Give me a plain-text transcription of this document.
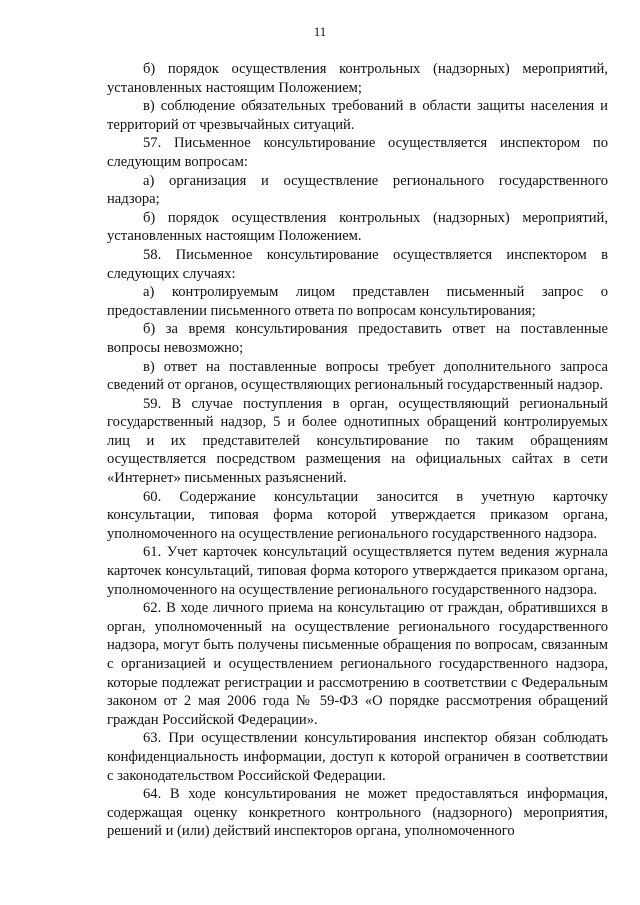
11

б) порядок осуществления контрольных (надзорных) мероприятий, установленных настоящим Положением;

в) соблюдение обязательных требований в области защиты населения и территорий от чрезвычайных ситуаций.

57. Письменное консультирование осуществляется инспектором по следующим вопросам:

а) организация и осуществление регионального государственного надзора;

б) порядок осуществления контрольных (надзорных) мероприятий, установленных настоящим Положением.

58. Письменное консультирование осуществляется инспектором в следующих случаях:

а) контролируемым лицом представлен письменный запрос о предоставлении письменного ответа по вопросам консультирования;

б) за время консультирования предоставить ответ на поставленные вопросы невозможно;

в) ответ на поставленные вопросы требует дополнительного запроса сведений от органов, осуществляющих региональный государственный надзор.

59. В случае поступления в орган, осуществляющий региональный государственный надзор, 5 и более однотипных обращений контролируемых лиц и их представителей консультирование по таким обращениям осуществляется посредством размещения на официальных сайтах в сети «Интернет» письменных разъяснений.

60. Содержание консультации заносится в учетную карточку консультации, типовая форма которой утверждается приказом органа, уполномоченного на осуществление регионального государственного надзора.

61. Учет карточек консультаций осуществляется путем ведения журнала карточек консультаций, типовая форма которого утверждается приказом органа, уполномоченного на осуществление регионального государственного надзора.

62. В ходе личного приема на консультацию от граждан, обратившихся в орган, уполномоченный на осуществление регионального государственного надзора, могут быть получены письменные обращения по вопросам, связанным с организацией и осуществлением регионального государственного надзора, которые подлежат регистрации и рассмотрению в соответствии с Федеральным законом от 2 мая 2006 года № 59-ФЗ «О порядке рассмотрения обращений граждан Российской Федерации».

63. При осуществлении консультирования инспектор обязан соблюдать конфиденциальность информации, доступ к которой ограничен в соответствии с законодательством Российской Федерации.

64. В ходе консультирования не может предоставляться информация, содержащая оценку конкретного контрольного (надзорного) мероприятия, решений и (или) действий инспекторов органа, уполномоченного
